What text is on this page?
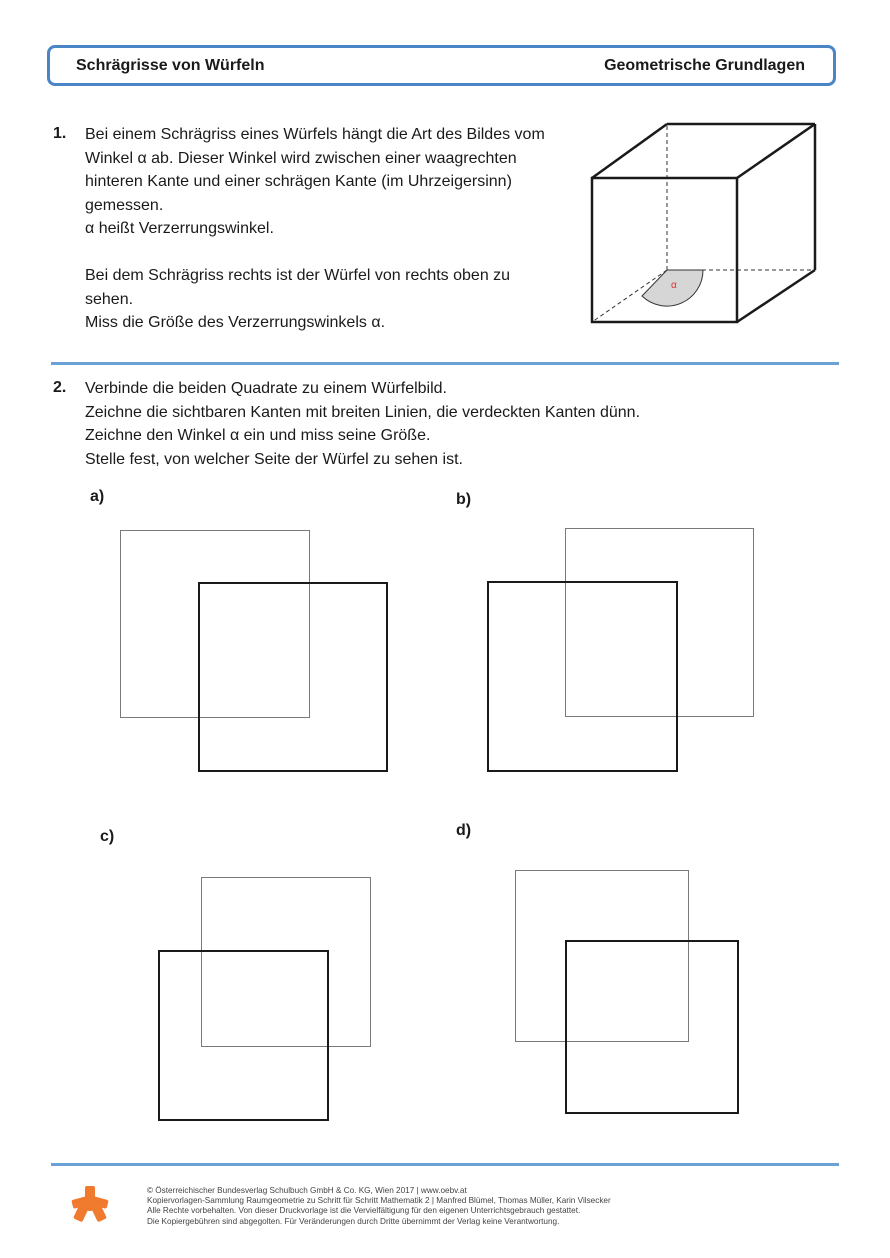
Schrägrisse von Würfeln	Geometrische Grundlagen
1. Bei einem Schrägriss eines Würfels hängt die Art des Bildes vom

Winkel α ab. Dieser Winkel wird zwischen einer waagrechten

hinteren Kante und einer schrägen Kante (im Uhrzeigersinn)

gemessen.

α heißt Verzerrungswinkel.

Bei dem Schrägriss rechts ist der Würfel von rechts oben zu

sehen.

Miss die Größe des Verzerrungswinkels α.

α
2. Verbinde die beiden Quadrate zu einem Würfelbild.

Zeichne die sichtbaren Kanten mit breiten Linien, die verdeckten Kanten dünn.

Zeichne den Winkel α ein und miss seine Größe.

Stelle fest, von welcher Seite der Würfel zu sehen ist.

a)	b)
c)	d)

© Österreichischer Bundesverlag Schulbuch GmbH & Co. KG, Wien 2017 | www.oebv.at

Kopiervorlagen-Sammlung Raumgeometrie zu Schritt für Schritt Mathematik 2 | Manfred Blümel, Thomas Müller, Karin Vilsecker

Alle Rechte vorbehalten. Von dieser Druckvorlage ist die Vervielfältigung für den eigenen Unterrichtsgebrauch gestattet.

Die Kopiergebühren sind abgegolten. Für Veränderungen durch Dritte übernimmt der Verlag keine Verantwortung.
